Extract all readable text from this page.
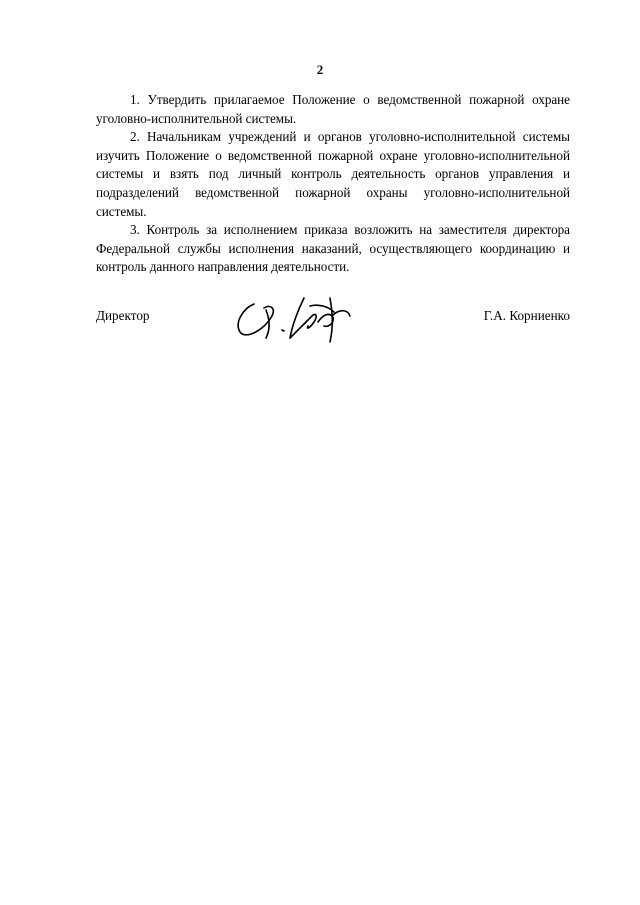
2

1. Утвердить прилагаемое Положение о ведомственной пожарной охране уголовно-исполнительной системы.

2. Начальникам учреждений и органов уголовно-исполнительной системы изучить Положение о ведомственной пожарной охране уголовно-исполнительной системы и взять под личный контроль деятельность органов управления и подразделений ведомственной пожарной охраны уголовно-исполнительной системы.

3. Контроль за исполнением приказа возложить на заместителя директора Федеральной службы исполнения наказаний, осуществляющего координацию и контроль данного направления деятельности.

Директор	Г.А. Корниенко
